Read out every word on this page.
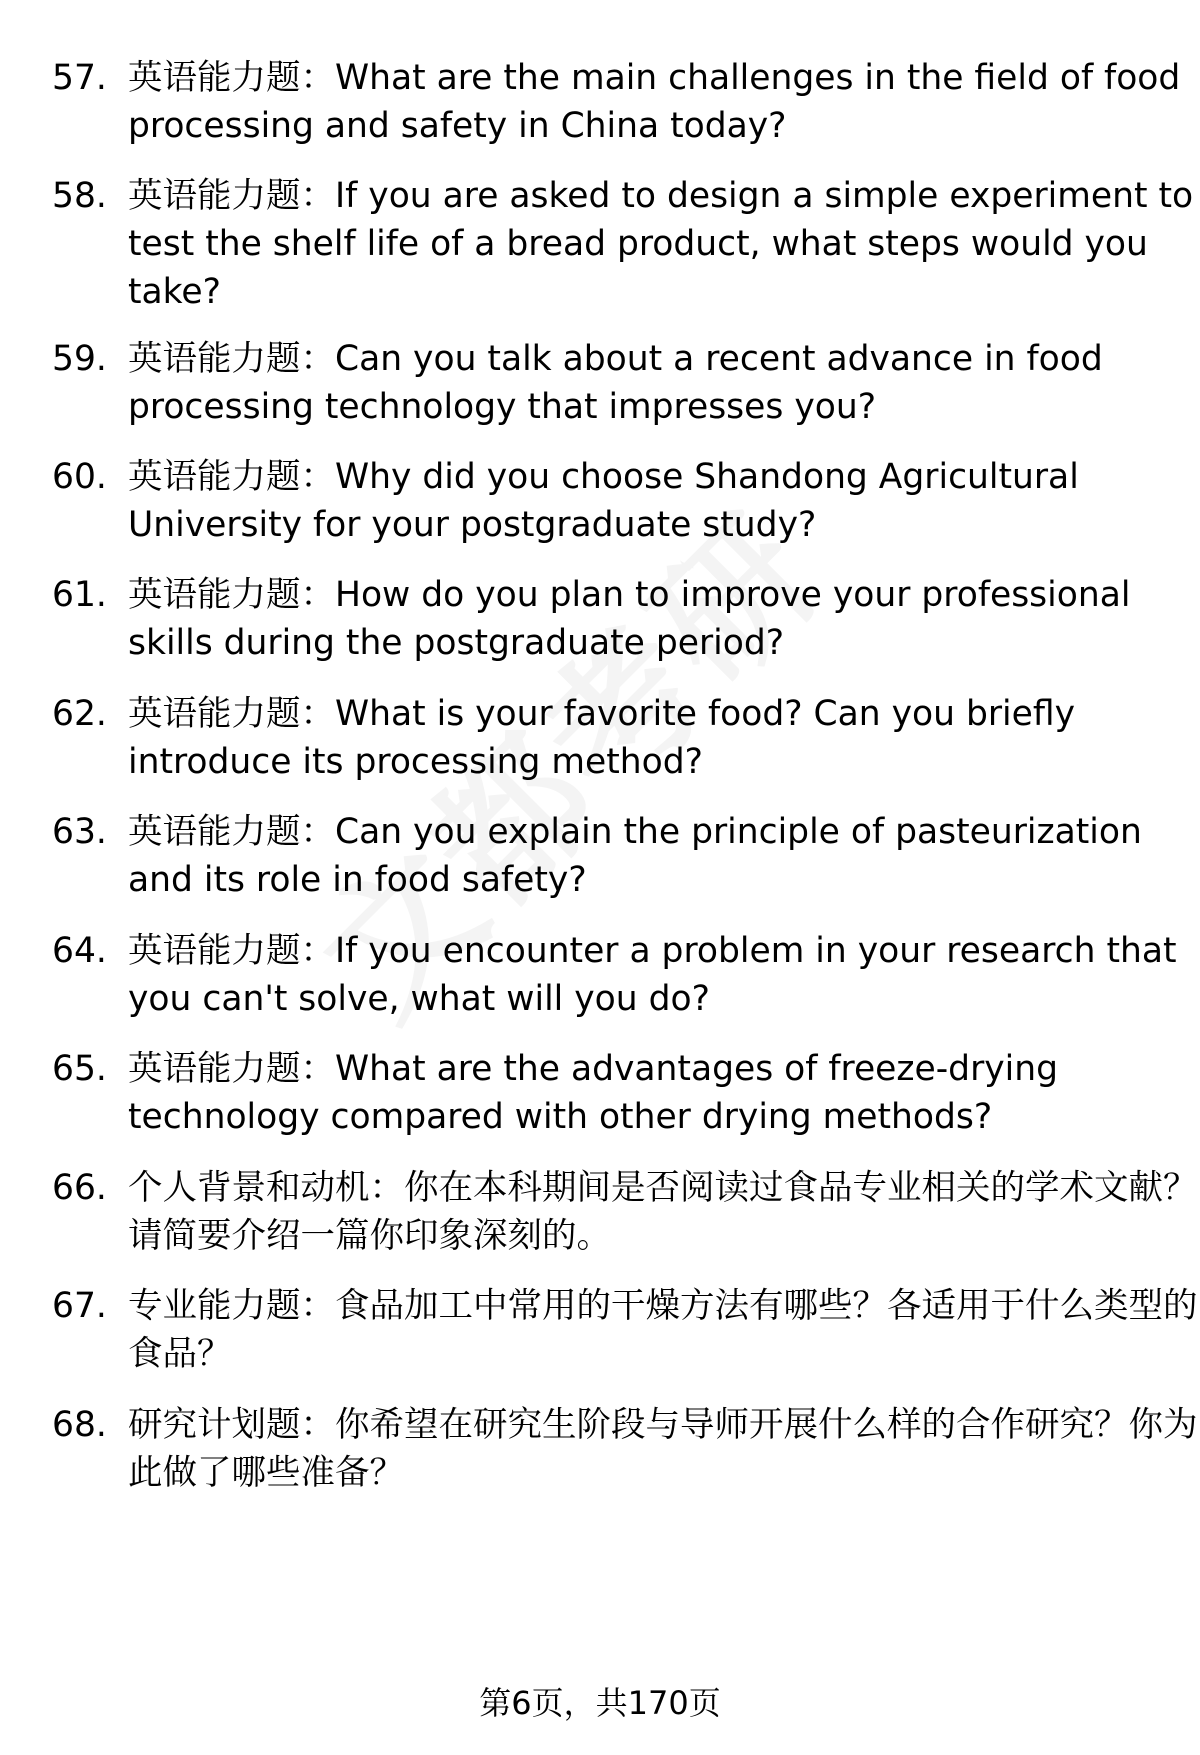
57. 英语能力题：What are the main challenges in the field of food processing and safety in China today?
58. 英语能力题：If you are asked to design a simple experiment to test the shelf life of a bread product, what steps would you take?
59. 英语能力题：Can you talk about a recent advance in food processing technology that impresses you?
60. 英语能力题：Why did you choose Shandong Agricultural University for your postgraduate study?
61. 英语能力题：How do you plan to improve your professional skills during the postgraduate period?
62. 英语能力题：What is your favorite food? Can you briefly introduce its processing method?
63. 英语能力题：Can you explain the principle of pasteurization and its role in food safety?
64. 英语能力题：If you encounter a problem in your research that you can't solve, what will you do?
65. 英语能力题：What are the advantages of freeze-drying technology compared with other drying methods?
66. 个人背景和动机：你在本科期间是否阅读过食品专业相关的学术文献？请简要介绍一篇你印象深刻的。
67. 专业能力题：食品加工中常用的干燥方法有哪些？各适用于什么类型的食品？
68. 研究计划题：你希望在研究生阶段与导师开展什么样的合作研究？你为此做了哪些准备？
第6页，共170页
